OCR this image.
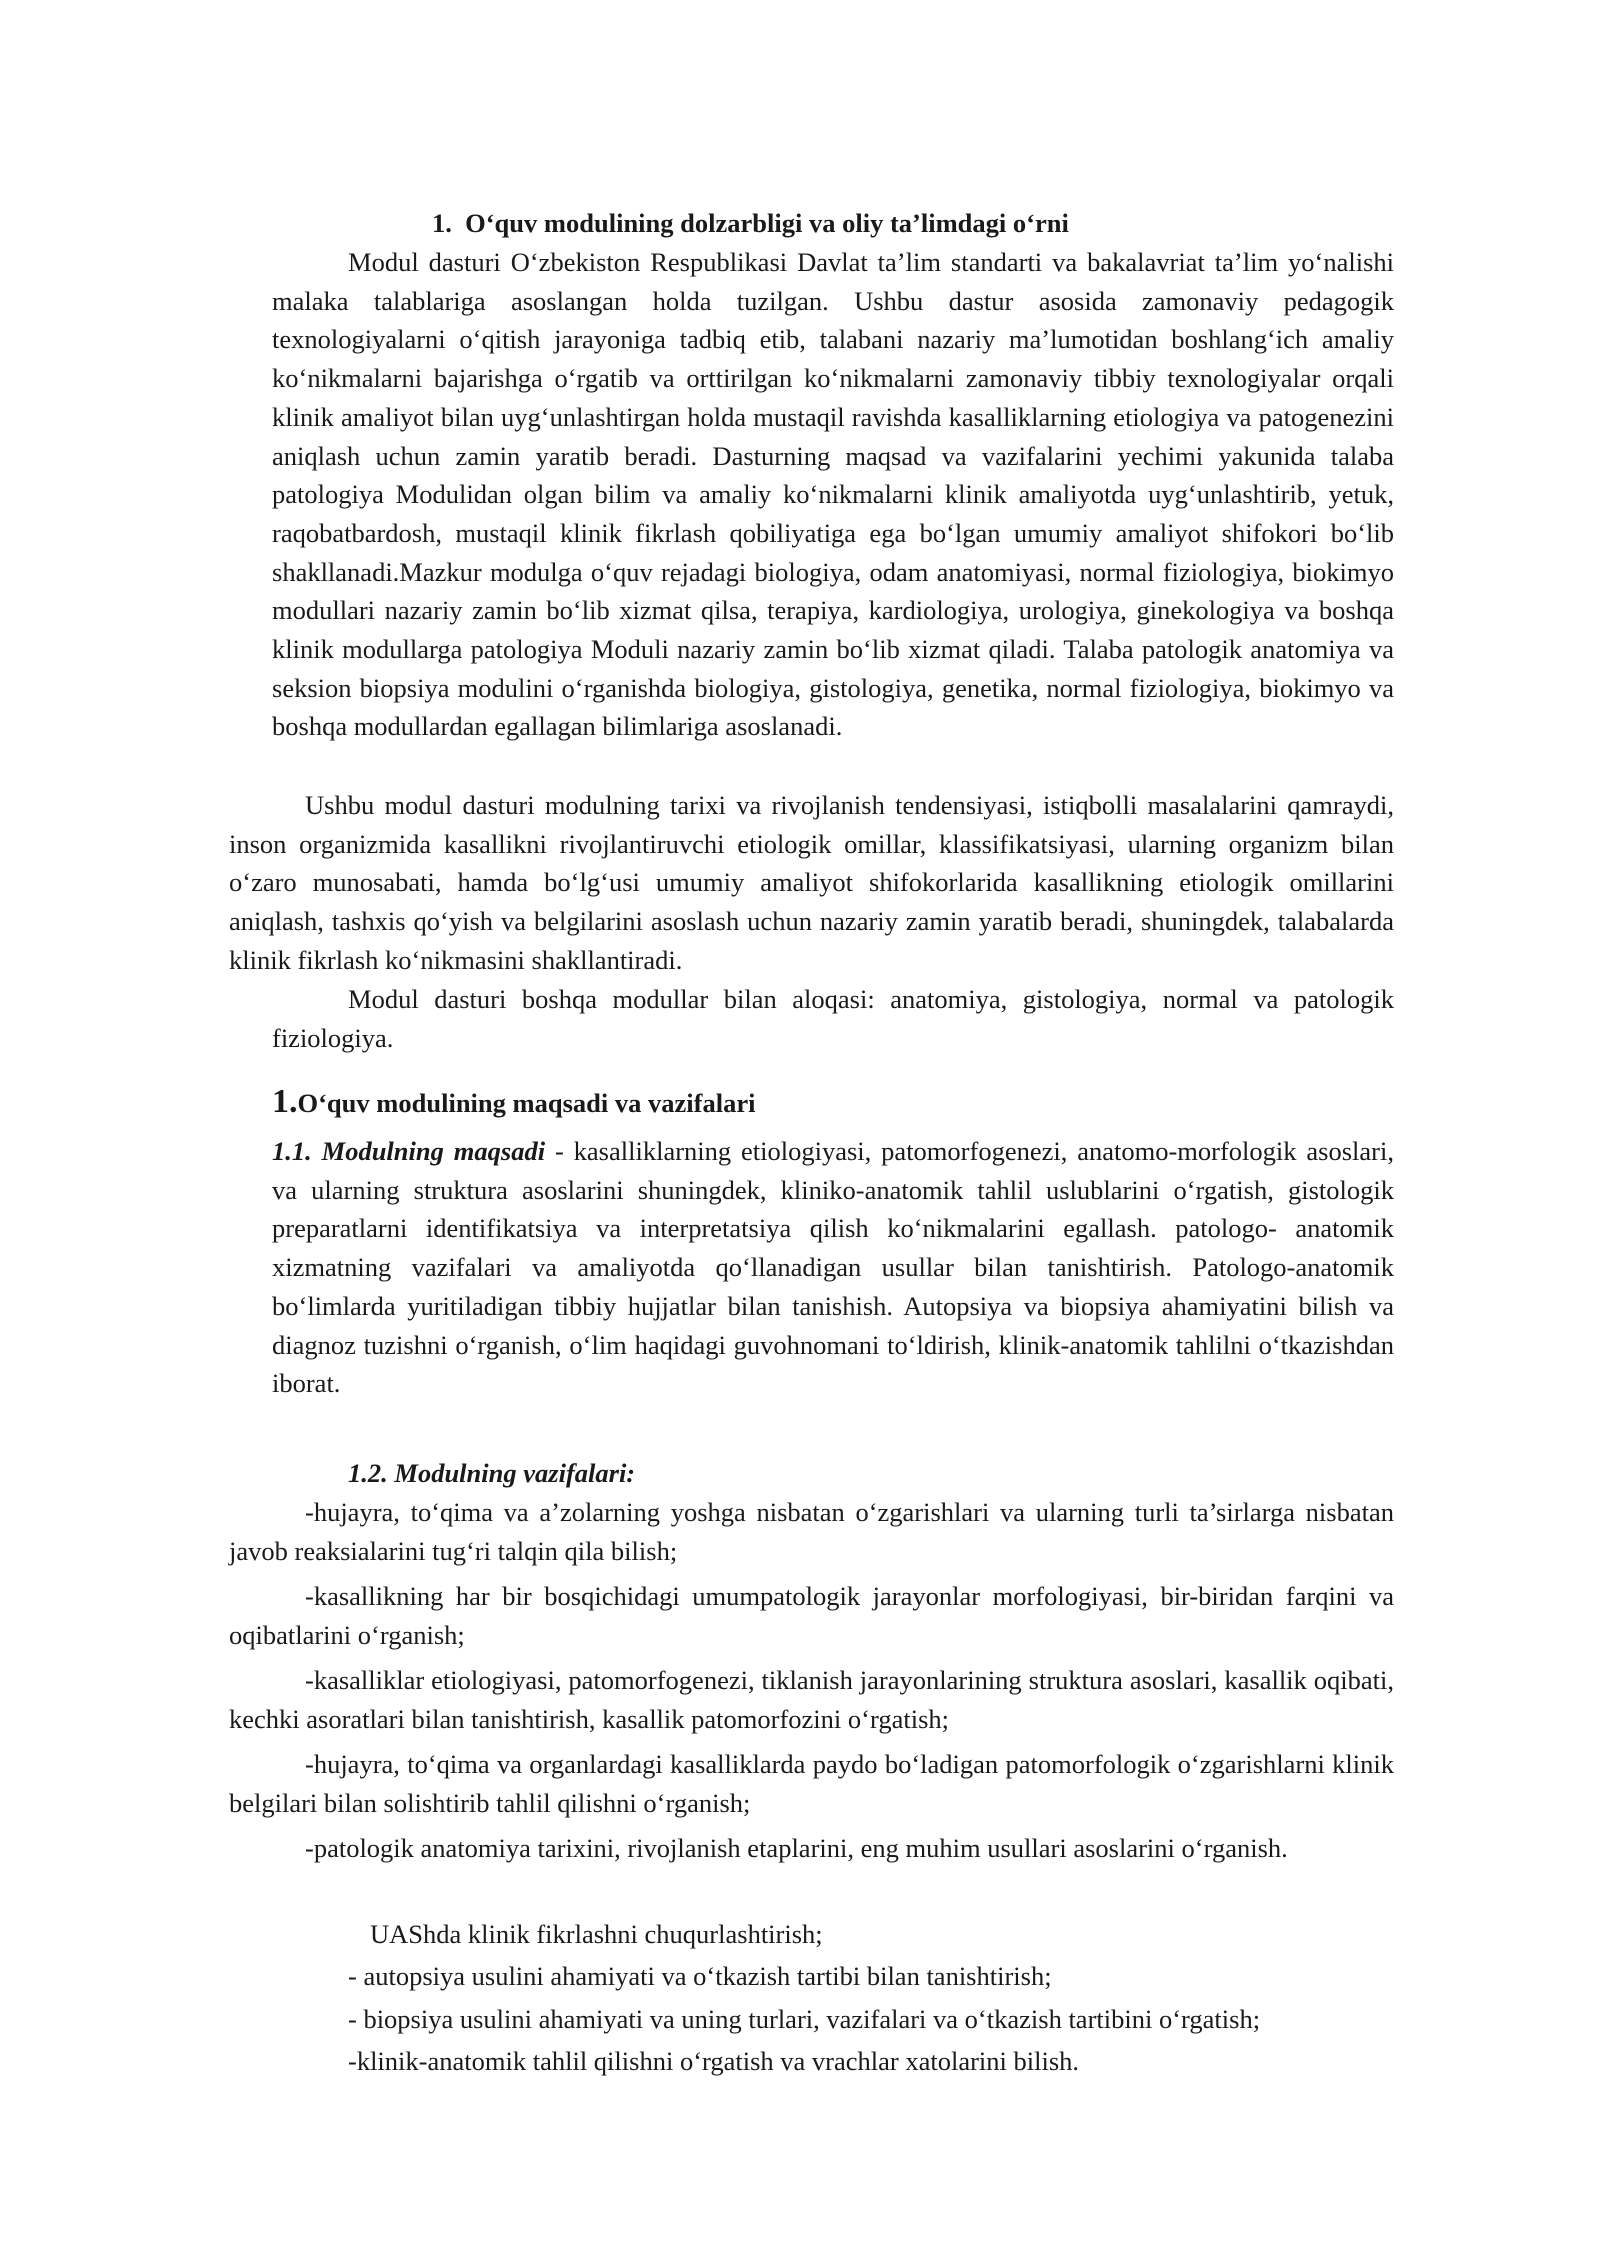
1. O‘quv modulining dolzarbligi va oliy ta’limdagi o‘rni

Modul dasturi O‘zbekiston Respublikasi Davlat ta’lim standarti va bakalavriat ta’lim yo‘nalishi malaka talablariga asoslangan holda tuzilgan. Ushbu dastur asosida zamonaviy pedagogik texnologiyalarni o‘qitish jarayoniga tadbiq etib, talabani nazariy ma’lumotidan boshlang‘ich amaliy ko‘nikmalarni bajarishga o‘rgatib va orttirilgan ko‘nikmalarni zamonaviy tibbiy texnologiyalar orqali klinik amaliyot bilan uyg‘unlashtirgan holda mustaqil ravishda kasalliklarning etiologiya va patogenezini aniqlash uchun zamin yaratib beradi. Dasturning maqsad va vazifalarini yechimi yakunida talaba patologiya Modulidan olgan bilim va amaliy ko‘nikmalarni klinik amaliyotda uyg‘unlashtirib, yetuk, raqobatbardosh, mustaqil klinik fikrlash qobiliyatiga ega bo‘lgan umumiy amaliyot shifokori bo‘lib shakllanadi.Mazkur modulga o‘quv rejadagi biologiya, odam anatomiyasi, normal fiziologiya, biokimyo modullari nazariy zamin bo‘lib xizmat qilsa, terapiya, kardiologiya, urologiya, ginekologiya va boshqa klinik modullarga patologiya Moduli nazariy zamin bo‘lib xizmat qiladi. Talaba patologik anatomiya va seksion biopsiya modulini o‘rganishda biologiya, gistologiya, genetika, normal fiziologiya, biokimyo va boshqa modullardan egallagan bilimlariga asoslanadi.

Ushbu modul dasturi modulning tarixi va rivojlanish tendensiyasi, istiqbolli masalalarini qamraydi, inson organizmida kasallikni rivojlantiruvchi etiologik omillar, klassifikatsiyasi, ularning organizm bilan o‘zaro munosabati, hamda bo‘lg‘usi umumiy amaliyot shifokorlarida kasallikning etiologik omillarini aniqlash, tashxis qo‘yish va belgilarini asoslash uchun nazariy zamin yaratib beradi, shuningdek, talabalarda klinik fikrlash ko‘nikmasini shakllantiradi.

Modul dasturi boshqa modullar bilan aloqasi: anatomiya, gistologiya, normal va patologik fiziologiya.

1.O‘quv modulining maqsadi va vazifalari

1.1. Modulning maqsadi - kasalliklarning etiologiyasi, patomorfogenezi, anatomo-morfologik asoslari, va ularning struktura asoslarini shuningdek, kliniko-anatomik tahlil uslublarini o‘rgatish, gistologik preparatlarni identifikatsiya va interpretatsiya qilish ko‘nikmalarini egallash. patologo- anatomik xizmatning vazifalari va amaliyotda qo‘llanadigan usullar bilan tanishtirish. Patologo-anatomik bo‘limlarda yuritiladigan tibbiy hujjatlar bilan tanishish. Autopsiya va biopsiya ahamiyatini bilish va diagnoz tuzishni o‘rganish, o‘lim haqidagi guvohnomani to‘ldirish, klinik-anatomik tahlilni o‘tkazishdan iborat.

1.2. Modulning vazifalari:

-hujayra, to‘qima va a’zolarning yoshga nisbatan o‘zgarishlari va ularning turli ta’sirlarga nisbatan javob reaksialarini tug‘ri talqin qila bilish;

-kasallikning har bir bosqichidagi umumpatologik jarayonlar morfologiyasi, bir-biridan farqini va oqibatlarini o‘rganish;

-kasalliklar etiologiyasi, patomorfogenezi, tiklanish jarayonlarining struktura asoslari, kasallik oqibati, kechki asoratlari bilan tanishtirish, kasallik patomorfozini o‘rgatish;

-hujayra, to‘qima va organlardagi kasalliklarda paydo bo‘ladigan patomorfologik o‘zgarishlarni klinik belgilari bilan solishtirib tahlil qilishni o‘rganish;

-patologik anatomiya tarixini, rivojlanish etaplarini, eng muhim usullari asoslarini o‘rganish.

UAShda klinik fikrlashni chuqurlashtirish;

- autopsiya usulini ahamiyati va o‘tkazish tartibi bilan tanishtirish;

- biopsiya usulini ahamiyati va uning turlari, vazifalari va o‘tkazish tartibini o‘rgatish;

-klinik-anatomik tahlil qilishni o‘rgatish va vrachlar xatolarini bilish.
